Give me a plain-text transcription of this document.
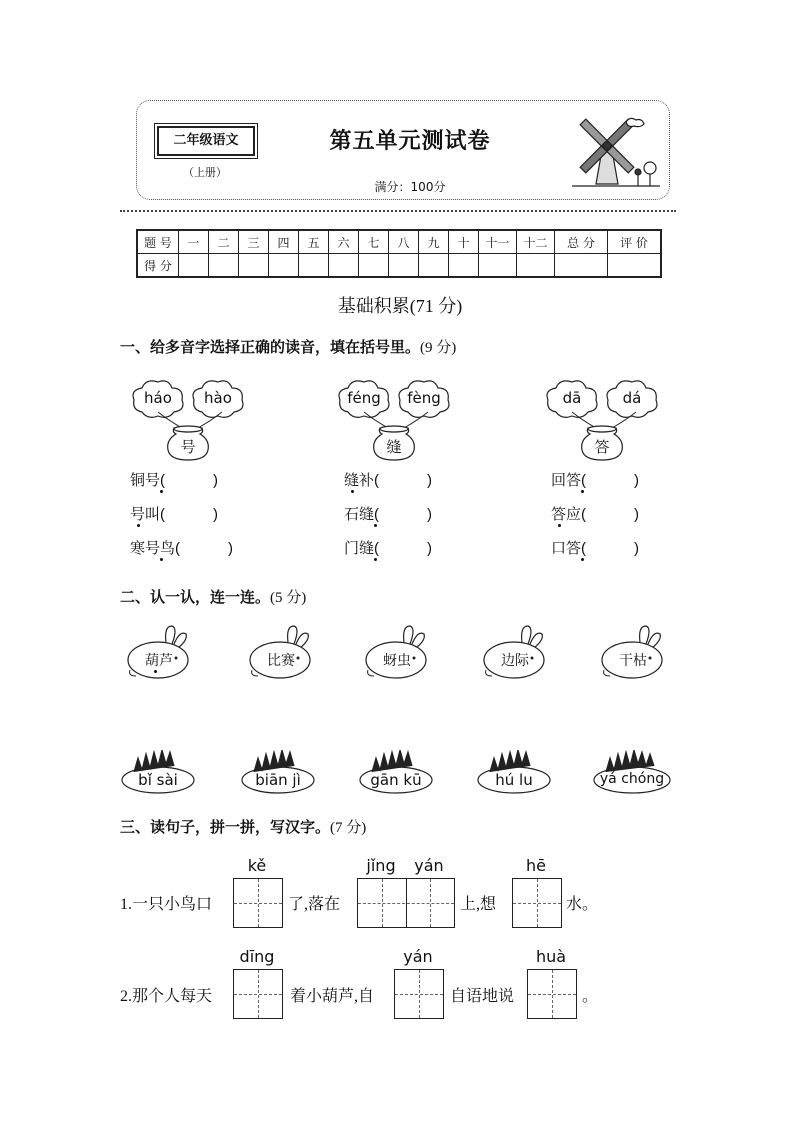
二年级语文
（上册）
第五单元测试卷
满分：100分
题 号	一	二	三	四	五	六	七	八	九	十	十一	十二	总 分	评 价
得 分														
基础积累(71 分)
一、给多音字选择正确的读音，填在括号里。(9 分)
háo	hào
号
féng	fèng
缝
dā	dá
答
铜号(	)
号叫(	)
寒号鸟(	)
缝补(	)
石缝(	)
门缝(	)
回答(	)
答应(	)
口答(	)
二、认一认，连一连。(5 分)
葫芦	比赛	蚜虫	边际	干枯
bǐ sài	biān jì	gān kū	hú lu	yá chóng
三、读句子，拼一拼，写汉字。(7 分)
kě	jǐng	yán	hē
1.一只小鸟口	了,落在	上,想	水。
dīng	yán	huà
2.那个人每天	着小葫芦,自	自语地说	。
